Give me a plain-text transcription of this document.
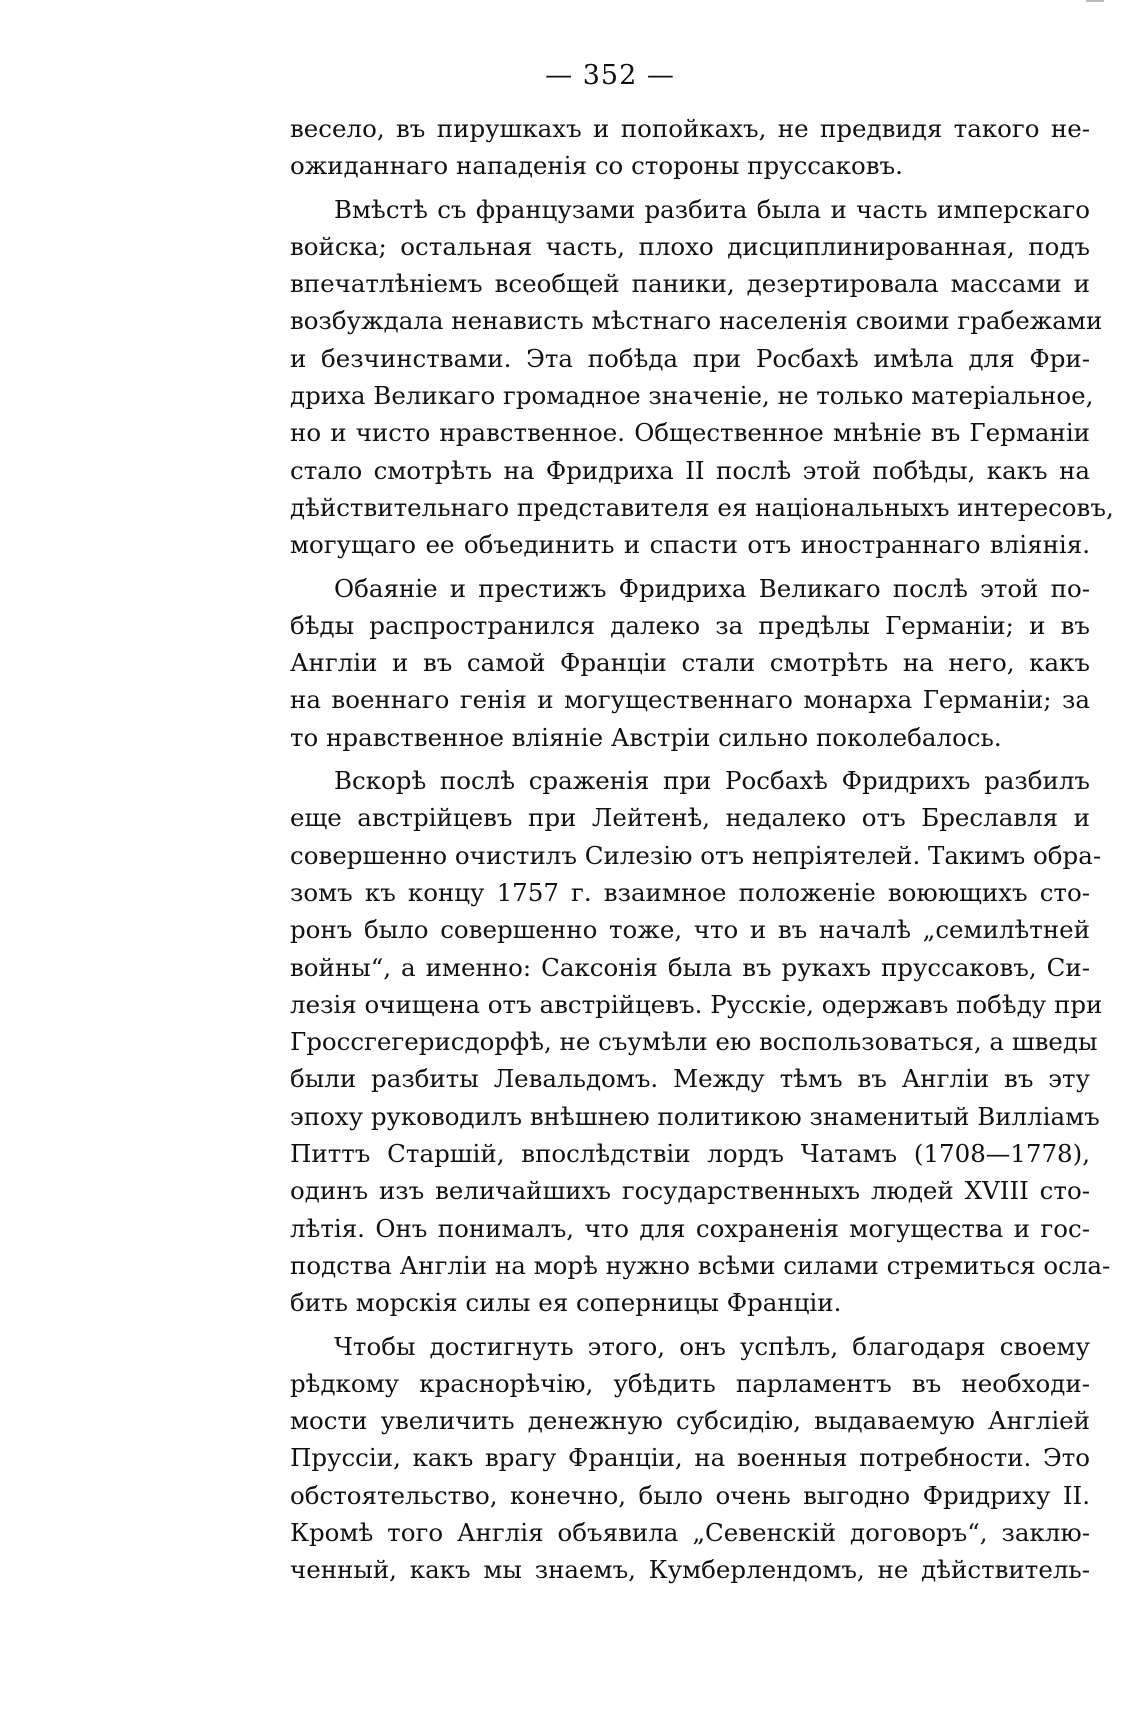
— 352 —
весело, въ пирушкахъ и попойкахъ, не предвидя такого не-
ожиданнаго нападенія со стороны пруссаковъ.
Вмѣстѣ съ французами разбита была и часть имперскаго
войска; остальная часть, плохо дисциплинированная, подъ
впечатлѣніемъ всеобщей паники, дезертировала массами и
возбуждала ненависть мѣстнаго населенія своими грабежами
и безчинствами. Эта побѣда при Росбахѣ имѣла для Фри-
дриха Великаго громадное значеніе, не только матеріальное,
но и чисто нравственное. Общественное мнѣніе въ Германіи
стало смотрѣть на Фридриха II послѣ этой побѣды, какъ на
дѣйствительнаго представителя ея національныхъ интересовъ,
могущаго ее объединить и спасти отъ иностраннаго вліянія.
Обаяніе и престижъ Фридриха Великаго послѣ этой по-
бѣды распространился далеко за предѣлы Германіи; и въ
Англіи и въ самой Франціи стали смотрѣть на него, какъ
на военнаго генія и могущественнаго монарха Германіи; за
то нравственное вліяніе Австріи сильно поколебалось.
Вскорѣ послѣ сраженія при Росбахѣ Фридрихъ разбилъ
еще австрійцевъ при Лейтенѣ, недалеко отъ Бреславля и
совершенно очистилъ Силезію отъ непріятелей. Такимъ обра-
зомъ къ концу 1757 г. взаимное положеніе воюющихъ сто-
ронъ было совершенно тоже, что и въ началѣ „семилѣтней
войны“, а именно: Саксонія была въ рукахъ пруссаковъ, Си-
лезія очищена отъ австрійцевъ. Русскіе, одержавъ побѣду при
Гроссгегерисдорфѣ, не съумѣли ею воспользоваться, а шведы
были разбиты Левальдомъ. Между тѣмъ въ Англіи въ эту
эпоху руководилъ внѣшнею политикою знаменитый Вилліамъ
Питтъ Старшій, впослѣдствіи лордъ Чатамъ (1708—1778),
одинъ изъ величайшихъ государственныхъ людей XVIII сто-
лѣтія. Онъ понималъ, что для сохраненія могущества и гос-
подства Англіи на морѣ нужно всѣми силами стремиться осла-
бить морскія силы ея соперницы Франціи.
Чтобы достигнуть этого, онъ успѣлъ, благодаря своему
рѣдкому краснорѣчію, убѣдить парламентъ въ необходи-
мости увеличить денежную субсидію, выдаваемую Англіей
Пруссіи, какъ врагу Франціи, на военныя потребности. Это
обстоятельство, конечно, было очень выгодно Фридриху II.
Кромѣ того Англія объявила „Севенскій договоръ“, заклю-
ченный, какъ мы знаемъ, Кумберлендомъ, не дѣйствитель-
